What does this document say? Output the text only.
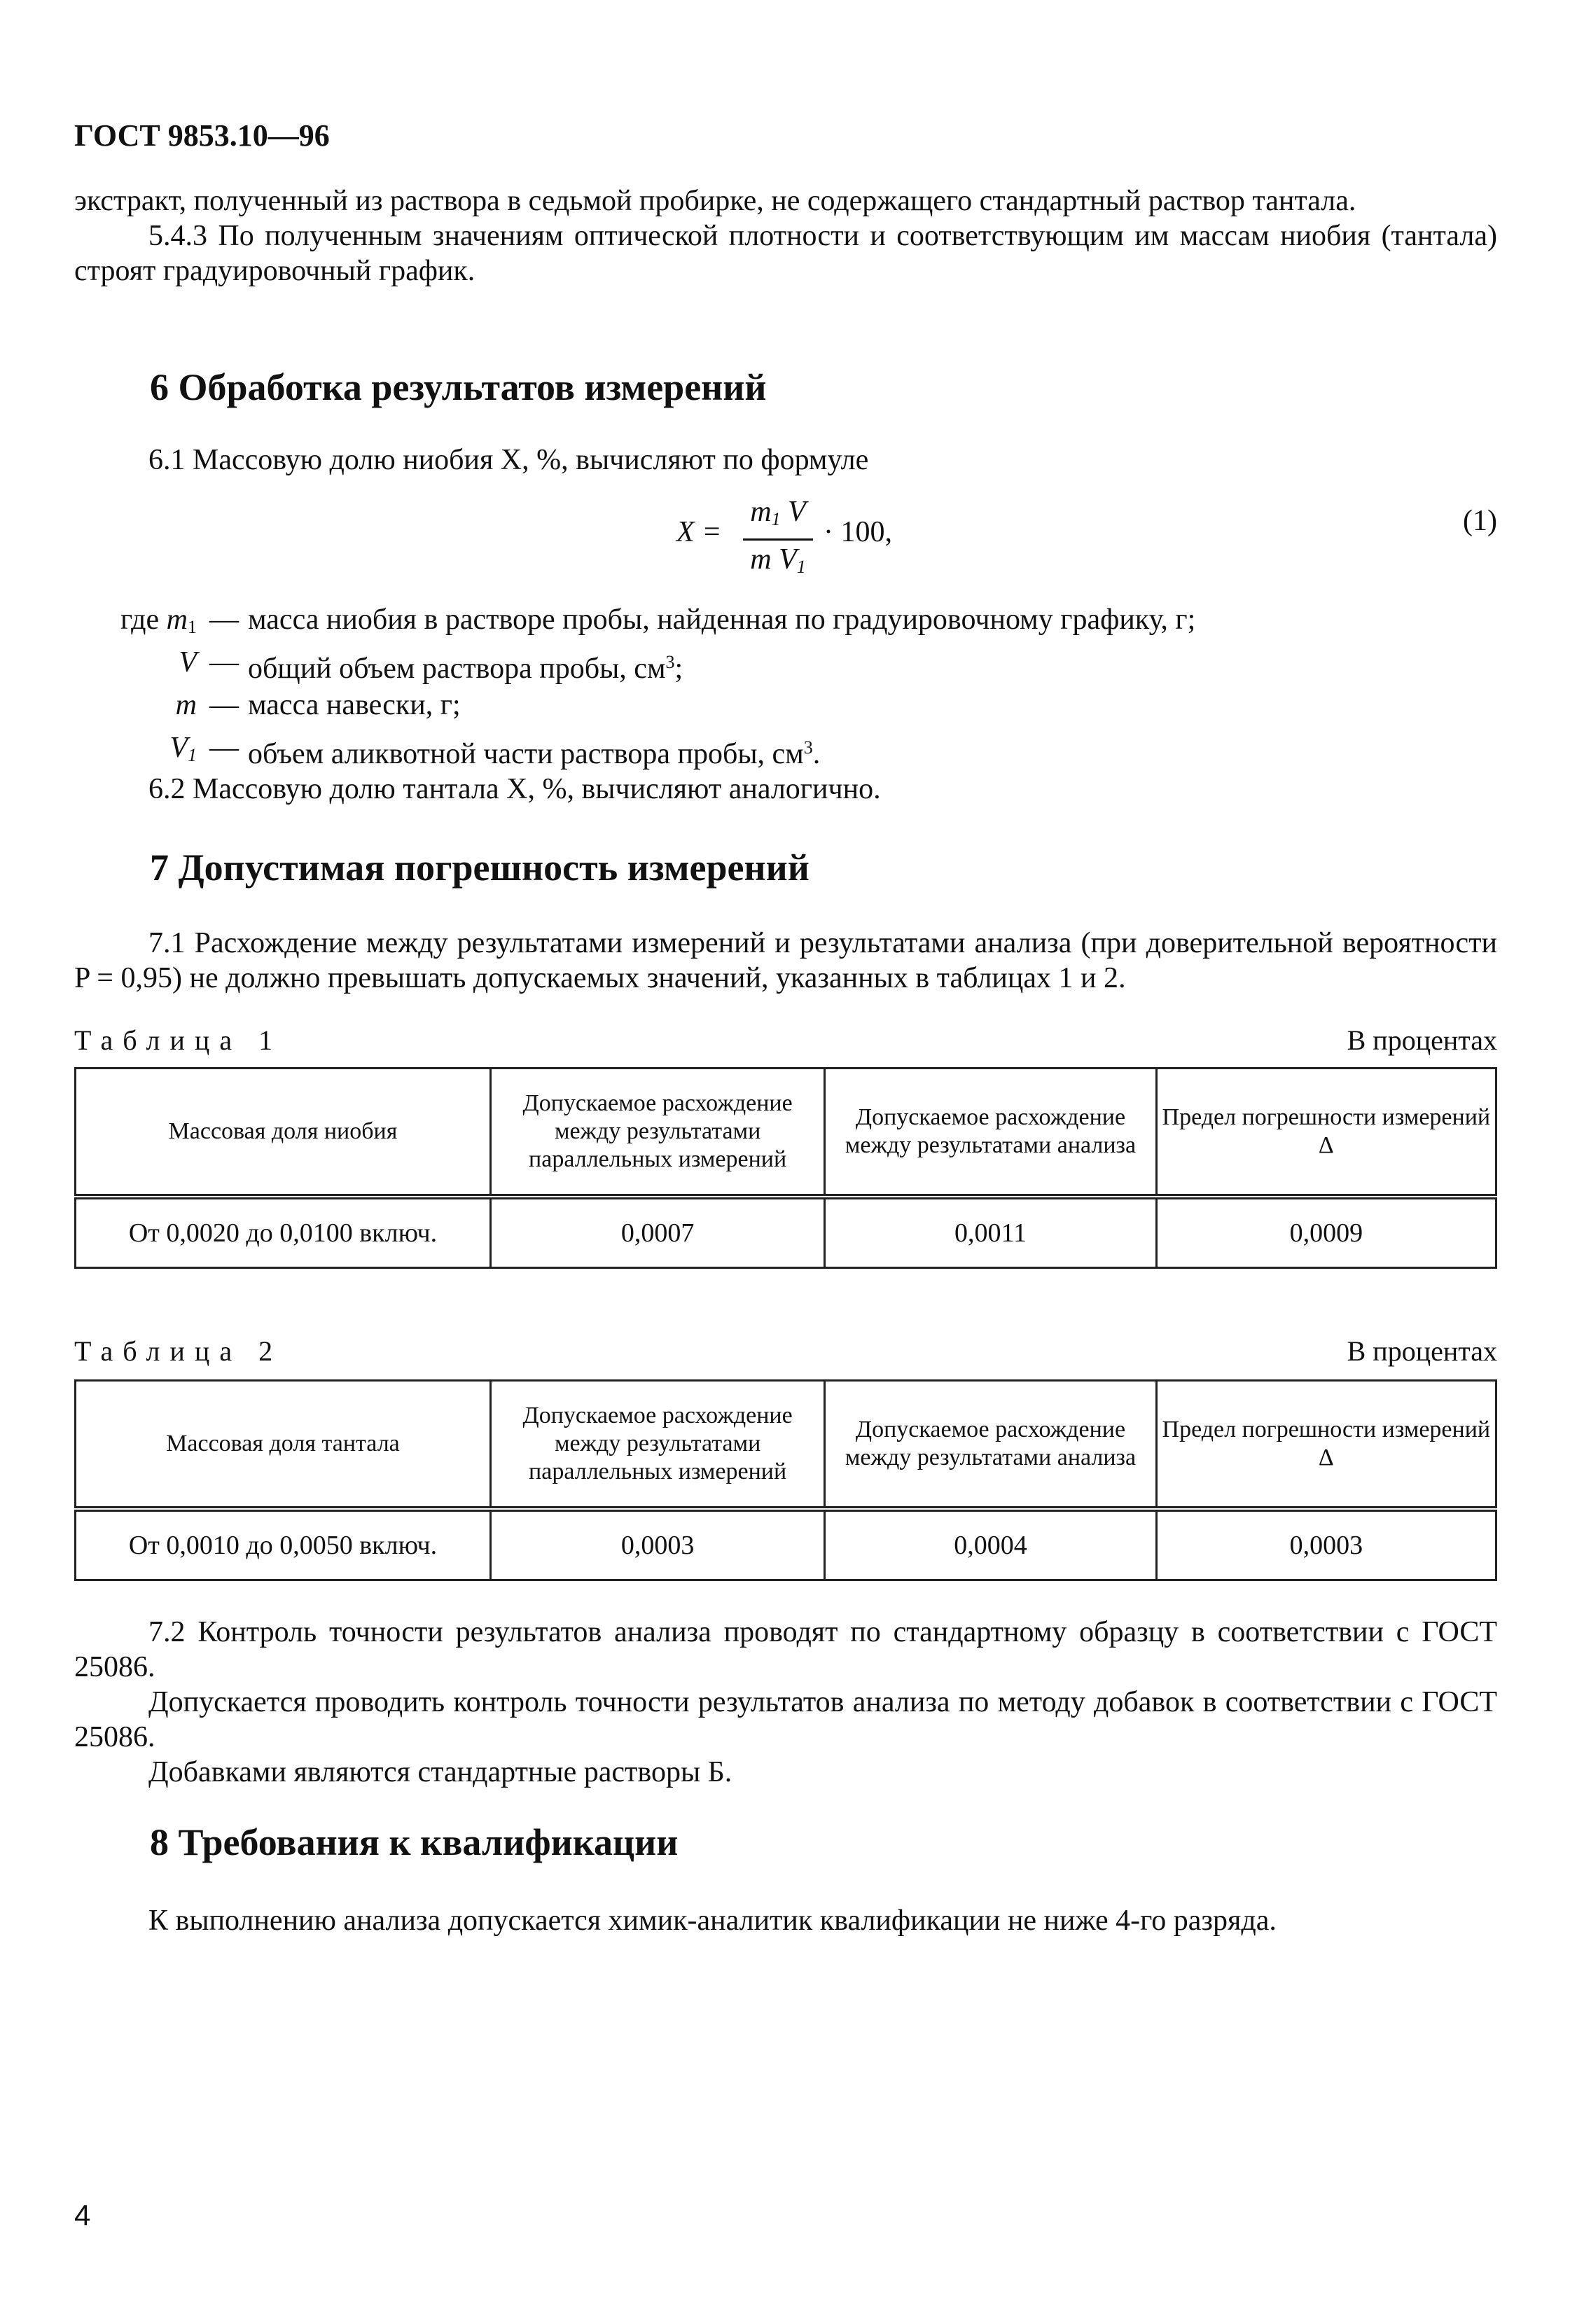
ГОСТ 9853.10—96

экстракт, полученный из раствора в седьмой пробирке, не содержащего стандартный раствор тантала.

5.4.3 По полученным значениям оптической плотности и соответствующим им массам ниобия (тантала) строят градуировочный график.

6 Обработка результатов измерений

6.1 Массовую долю ниобия X, %, вычисляют по формуле

$X = \frac{m_1 V}{m V_1} \cdot 100$,	(1)
где $m_1$ — масса ниобия в растворе пробы, найденная по градуировочному графику, г;
V — общий объем раствора пробы, $см^3$;
m — масса навески, г;
$V_1$ — объем аликвотной части раствора пробы, $см^3$.

6.2 Массовую долю тантала X, %, вычисляют аналогично.

7 Допустимая погрешность измерений

7.1 Расхождение между результатами измерений и результатами анализа (при доверительной вероятности P = 0,95) не должно превышать допускаемых значений, указанных в таблицах 1 и 2.

Таблица 1	В процентах
Массовая доля ниобия	Допускаемое расхождение между результатами параллельных измерений	Допускаемое расхождение между результатами анализа	Предел погрешности измерений Δ
От 0,0020 до 0,0100 включ.	0,0007	0,0011	0,0009
Таблица 2	В процентах
Массовая доля тантала	Допускаемое расхождение между результатами параллельных измерений	Допускаемое расхождение между результатами анализа	Предел погрешности измерений Δ
От 0,0010 до 0,0050 включ.	0,0003	0,0004	0,0003

7.2 Контроль точности результатов анализа проводят по стандартному образцу в соответствии с ГОСТ 25086.

Допускается проводить контроль точности результатов анализа по методу добавок в соответствии с ГОСТ 25086.

Добавками являются стандартные растворы Б.

8 Требования к квалификации

К выполнению анализа допускается химик-аналитик квалификации не ниже 4-го разряда.

4
